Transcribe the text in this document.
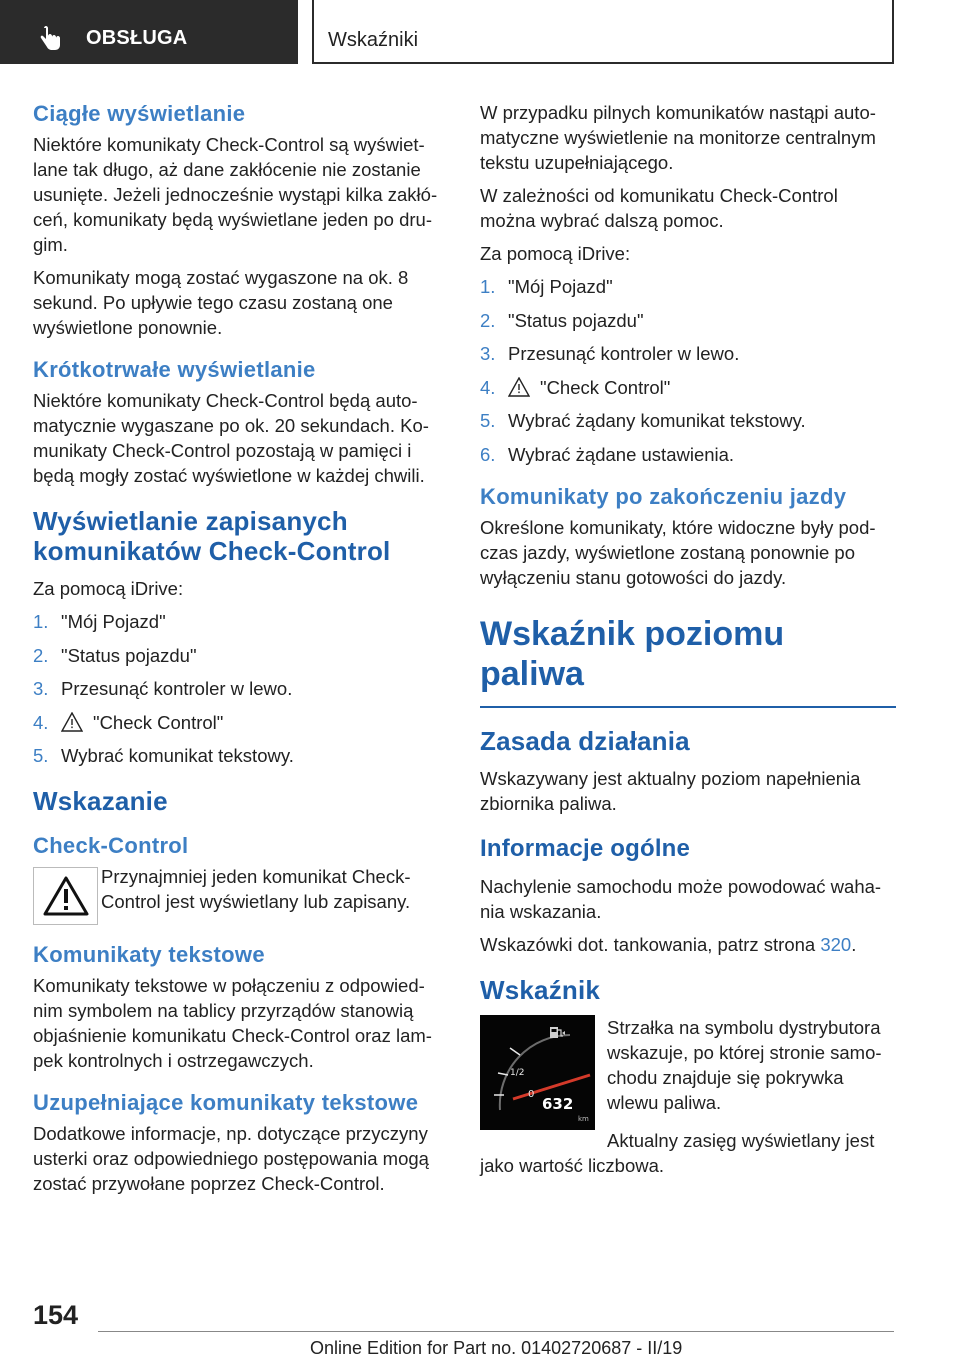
OBSŁUGA	Wskaźniki
Ciągłe wyświetlanie

Niektóre komunikaty Check-Control są wyświet-lane tak długo, aż dane zakłócenie nie zostanie usunięte. Jeżeli jednocześnie wystąpi kilka zakłó-ceń, komunikaty będą wyświetlane jeden po dru-gim.

Komunikaty mogą zostać wygaszone na ok. 8 sekund. Po upływie tego czasu zostaną one wyświetlone ponownie.

Krótkotrwałe wyświetlanie

Niektóre komunikaty Check-Control będą auto-matycznie wygaszane po ok. 20 sekundach. Ko-munikaty Check-Control pozostają w pamięci i będą mogły zostać wyświetlone w każdej chwili.

Wyświetlanie zapisanych komunikatów Check-Control

Za pomocą iDrive:

1. "Mój Pojazd"
2. "Status pojazdu"
3. Przesunąć kontroler w lewo.
4.	"Check Control"
5. Wybrać komunikat tekstowy.
Wskazanie
Check-Control

Przynajmniej jeden komunikat Check-Control jest wyświetlany lub zapisany.

Komunikaty tekstowe

Komunikaty tekstowe w połączeniu z odpowied-nim symbolem na tablicy przyrządów stanowią objaśnienie komunikatu Check-Control oraz lam-pek kontrolnych i ostrzegawczych.

Uzupełniające komunikaty tekstowe

Dodatkowe informacje, np. dotyczące przyczyny usterki oraz odpowiedniego postępowania mogą zostać przywołane poprzez Check-Control.

W przypadku pilnych komunikatów nastąpi auto-matyczne wyświetlenie na monitorze centralnym tekstu uzupełniającego.

W zależności od komunikatu Check-Control można wybrać dalszą pomoc.

Za pomocą iDrive:

1. "Mój Pojazd"
2. "Status pojazdu"
3. Przesunąć kontroler w lewo.
4.	"Check Control"
5. Wybrać żądany komunikat tekstowy.
6. Wybrać żądane ustawienia.
Komunikaty po zakończeniu jazdy

Określone komunikaty, które widoczne były pod-czas jazdy, wyświetlone zostaną ponownie po wyłączeniu stanu gotowości do jazdy.

Wskaźnik poziomu paliwa
Zasada działania

Wskazywany jest aktualny poziom napełnienia zbiornika paliwa.

Informacje ogólne

Nachylenie samochodu może powodować waha-nia wskazania.

Wskazówki dot. tankowania, patrz strona 320.

Wskaźnik
1/2
0
632
km

Strzałka na symbolu dystrybutora wskazuje, po której stronie samo-chodu znajduje się pokrywka wlewu paliwa.

Aktualny zasięg wyświetlany jest jako wartość liczbowa.

154
Online Edition for Part no. 01402720687 - II/19
